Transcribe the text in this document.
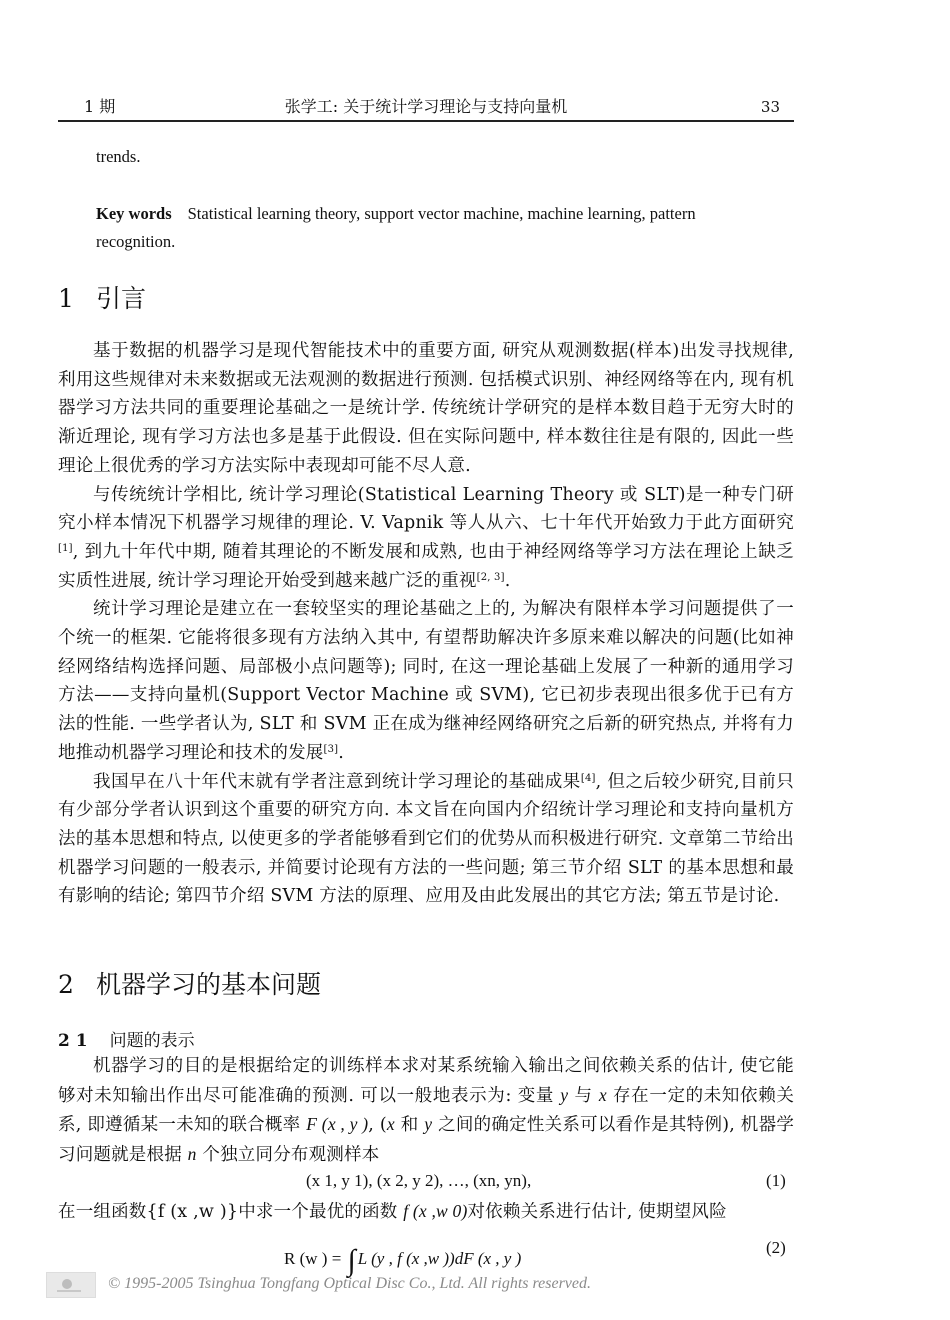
1 期	张学工: 关于统计学习理论与支持向量机	33
trends.
Key words Statistical learning theory, support vector machine, machine learning, pattern recognition.
1 引言

基于数据的机器学习是现代智能技术中的重要方面, 研究从观测数据(样本)出发寻找规律, 利用这些规律对未来数据或无法观测的数据进行预测. 包括模式识别、神经网络等在内, 现有机器学习方法共同的重要理论基础之一是统计学. 传统统计学研究的是样本数目趋于无穷大时的渐近理论, 现有学习方法也多是基于此假设. 但在实际问题中, 样本数往往是有限的, 因此一些理论上很优秀的学习方法实际中表现却可能不尽人意.

与传统统计学相比, 统计学习理论(Statistical Learning Theory 或 SLT)是一种专门研究小样本情况下机器学习规律的理论. V. Vapnik 等人从六、七十年代开始致力于此方面研究[1], 到九十年代中期, 随着其理论的不断发展和成熟, 也由于神经网络等学习方法在理论上缺乏实质性进展, 统计学习理论开始受到越来越广泛的重视[2, 3].

统计学习理论是建立在一套较坚实的理论基础之上的, 为解决有限样本学习问题提供了一个统一的框架. 它能将很多现有方法纳入其中, 有望帮助解决许多原来难以解决的问题(比如神经网络结构选择问题、局部极小点问题等); 同时, 在这一理论基础上发展了一种新的通用学习方法——支持向量机(Support Vector Machine 或 SVM), 它已初步表现出很多优于已有方法的性能. 一些学者认为, SLT 和 SVM 正在成为继神经网络研究之后新的研究热点, 并将有力地推动机器学习理论和技术的发展[3].

我国早在八十年代末就有学者注意到统计学习理论的基础成果[4], 但之后较少研究,目前只有少部分学者认识到这个重要的研究方向. 本文旨在向国内介绍统计学习理论和支持向量机方法的基本思想和特点, 以使更多的学者能够看到它们的优势从而积极进行研究. 文章第二节给出机器学习问题的一般表示, 并简要讨论现有方法的一些问题; 第三节介绍 SLT 的基本思想和最有影响的结论; 第四节介绍 SVM 方法的原理、应用及由此发展出的其它方法; 第五节是讨论.

2 机器学习的基本问题
2 1 问题的表示

机器学习的目的是根据给定的训练样本求对某系统输入输出之间依赖关系的估计, 使它能够对未知输出作出尽可能准确的预测. 可以一般地表示为: 变量 y 与 x 存在一定的未知依赖关系, 即遵循某一未知的联合概率 F (x , y ), (x 和 y 之间的确定性关系可以看作是其特例), 机器学习问题就是根据 n 个独立同分布观测样本

(x 1, y 1), (x 2, y 2), …, (xn, yn),	(1)

在一组函数{f (x ,w )}中求一个最优的函数 f (x ,w 0)对依赖关系进行估计, 使期望风险

R (w ) = ∫ L (y , f (x ,w ))dF (x , y )
(2)
© 1995-2005 Tsinghua Tongfang Optical Disc Co., Ltd. All rights reserved.
